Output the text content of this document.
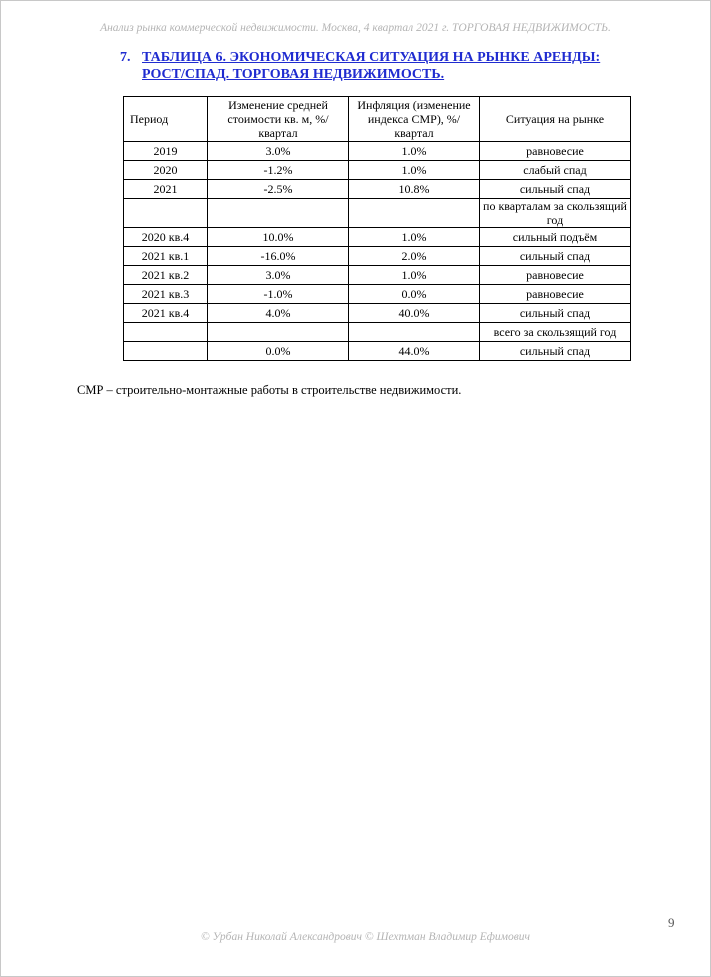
Анализ рынка коммерческой недвижимости. Москва, 4 квартал 2021 г. ТОРГОВАЯ НЕДВИЖИМОСТЬ.
7. ТАБЛИЦА 6. ЭКОНОМИЧЕСКАЯ СИТУАЦИЯ НА РЫНКЕ АРЕНДЫ: РОСТ/СПАД. ТОРГОВАЯ НЕДВИЖИМОСТЬ.
Период	Изменение средней стоимости кв. м, %/ квартал	Инфляция (изменение индекса СМР), %/ квартал	Ситуация на рынке
2019	3.0%	1.0%	равновесие
2020	-1.2%	1.0%	слабый спад
2021	-2.5%	10.8%	сильный спад
			по кварталам за скользящий год
2020 кв.4	10.0%	1.0%	сильный подъём
2021 кв.1	-16.0%	2.0%	сильный спад
2021 кв.2	3.0%	1.0%	равновесие
2021 кв.3	-1.0%	0.0%	равновесие
2021 кв.4	4.0%	40.0%	сильный спад
			всего за скользящий год
	0.0%	44.0%	сильный спад
СМР – строительно-монтажные работы в строительстве недвижимости.
9
© Урбан Николай Александрович © Шехтман Владимир Ефимович
